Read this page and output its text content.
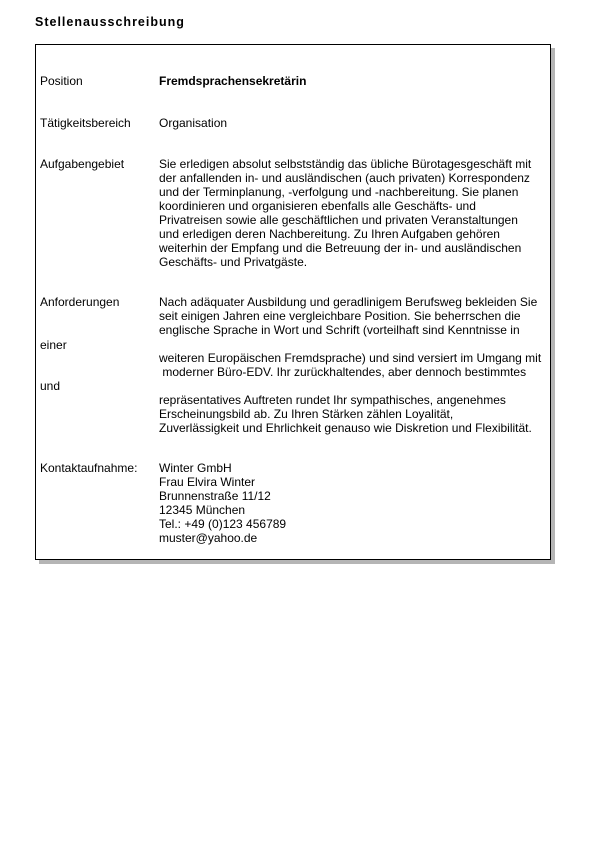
Stellenausschreibung
Position	Fremdsprachensekretärin
Tätigkeitsbereich Organisation
Aufgabengebiet	Sie erledigen absolut selbstständig das übliche Bürotagesgeschäft mit
der anfallenden in- und ausländischen (auch privaten) Korrespondenz
und der Terminplanung, -verfolgung und -nachbereitung. Sie planen
koordinieren und organisieren ebenfalls alle Geschäfts- und
Privatreisen sowie alle geschäftlichen und privaten Veranstaltungen
und erledigen deren Nachbereitung. Zu Ihren Aufgaben gehören
weiterhin der Empfang und die Betreuung der in- und ausländischen
Geschäfts- und Privatgäste.
Anforderungen
einer
und
Nach adäquater Ausbildung und geradlinigem Berufsweg bekleiden Sie
seit einigen Jahren eine vergleichbare Position. Sie beherrschen die
englische Sprache in Wort und Schrift (vorteilhaft sind Kenntnisse in
weiteren Europäischen Fremdsprache) und sind versiert im Umgang mit
moderner Büro-EDV. Ihr zurückhaltendes, aber dennoch bestimmtes
repräsentatives Auftreten rundet Ihr sympathisches, angenehmes
Erscheinungsbild ab. Zu Ihren Stärken zählen Loyalität,
Zuverlässigkeit und Ehrlichkeit genauso wie Diskretion und Flexibilität.
Kontaktaufnahme: Winter GmbH
Frau Elvira Winter
Brunnenstraße 11/12
12345 München
Tel.: +49 (0)123 456789
muster@yahoo.de
